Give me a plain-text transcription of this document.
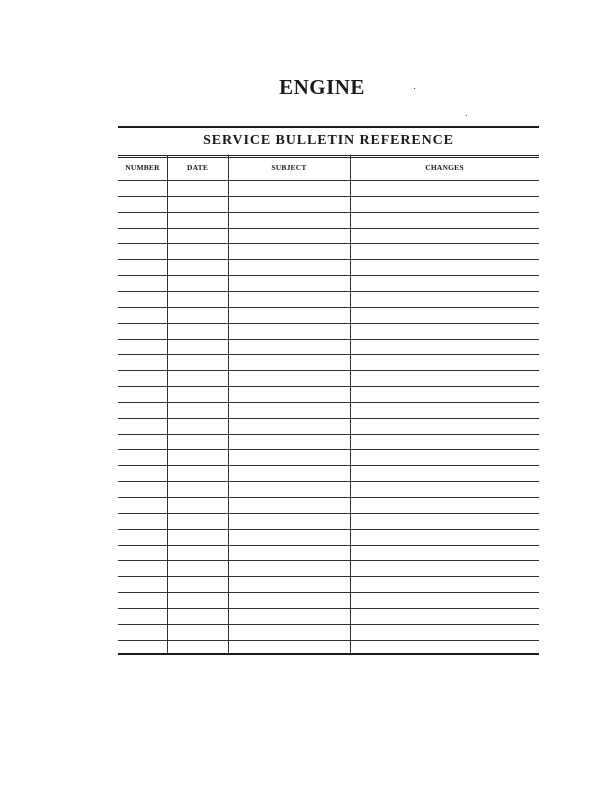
ENGINE
SERVICE BULLETIN REFERENCE
NUMBER	DATE	SUBJECT	CHANGES
